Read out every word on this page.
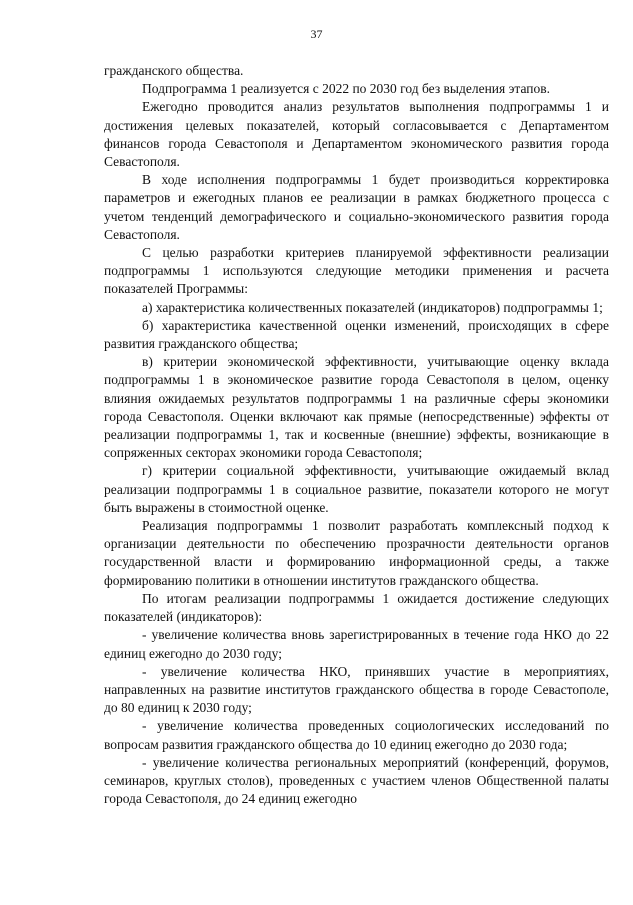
37

гражданского общества.

Подпрограмма 1 реализуется с 2022 по 2030 год без выделения этапов.

Ежегодно проводится анализ результатов выполнения подпрограммы 1 и достижения целевых показателей, который согласовывается с Департаментом финансов города Севастополя и Департаментом экономического развития города Севастополя.

В ходе исполнения подпрограммы 1 будет производиться корректировка параметров и ежегодных планов ее реализации в рамках бюджетного процесса с учетом тенденций демографического и социально-экономического развития города Севастополя.

С целью разработки критериев планируемой эффективности реализации подпрограммы 1 используются следующие методики применения и расчета показателей Программы:

а) характеристика количественных показателей (индикаторов) подпрограммы 1;

б) характеристика качественной оценки изменений, происходящих в сфере развития гражданского общества;

в) критерии экономической эффективности, учитывающие оценку вклада подпрограммы 1 в экономическое развитие города Севастополя в целом, оценку влияния ожидаемых результатов подпрограммы 1 на различные сферы экономики города Севастополя. Оценки включают как прямые (непосредственные) эффекты от реализации подпрограммы 1, так и косвенные (внешние) эффекты, возникающие в сопряженных секторах экономики города Севастополя;

г) критерии социальной эффективности, учитывающие ожидаемый вклад реализации подпрограммы 1 в социальное развитие, показатели которого не могут быть выражены в стоимостной оценке.

Реализация подпрограммы 1 позволит разработать комплексный подход к организации деятельности по обеспечению прозрачности деятельности органов государственной власти и формированию информационной среды, а также формированию политики в отношении институтов гражданского общества.

По итогам реализации подпрограммы 1 ожидается достижение следующих показателей (индикаторов):

- увеличение количества вновь зарегистрированных в течение года НКО до 22 единиц ежегодно до 2030 году;

- увеличение количества НКО, принявших участие в мероприятиях, направленных на развитие институтов гражданского общества в городе Севастополе, до 80 единиц к 2030 году;

- увеличение количества проведенных социологических исследований по вопросам развития гражданского общества до 10 единиц ежегодно до 2030 года;

- увеличение количества региональных мероприятий (конференций, форумов, семинаров, круглых столов), проведенных с участием членов Общественной палаты города Севастополя, до 24 единиц ежегодно
